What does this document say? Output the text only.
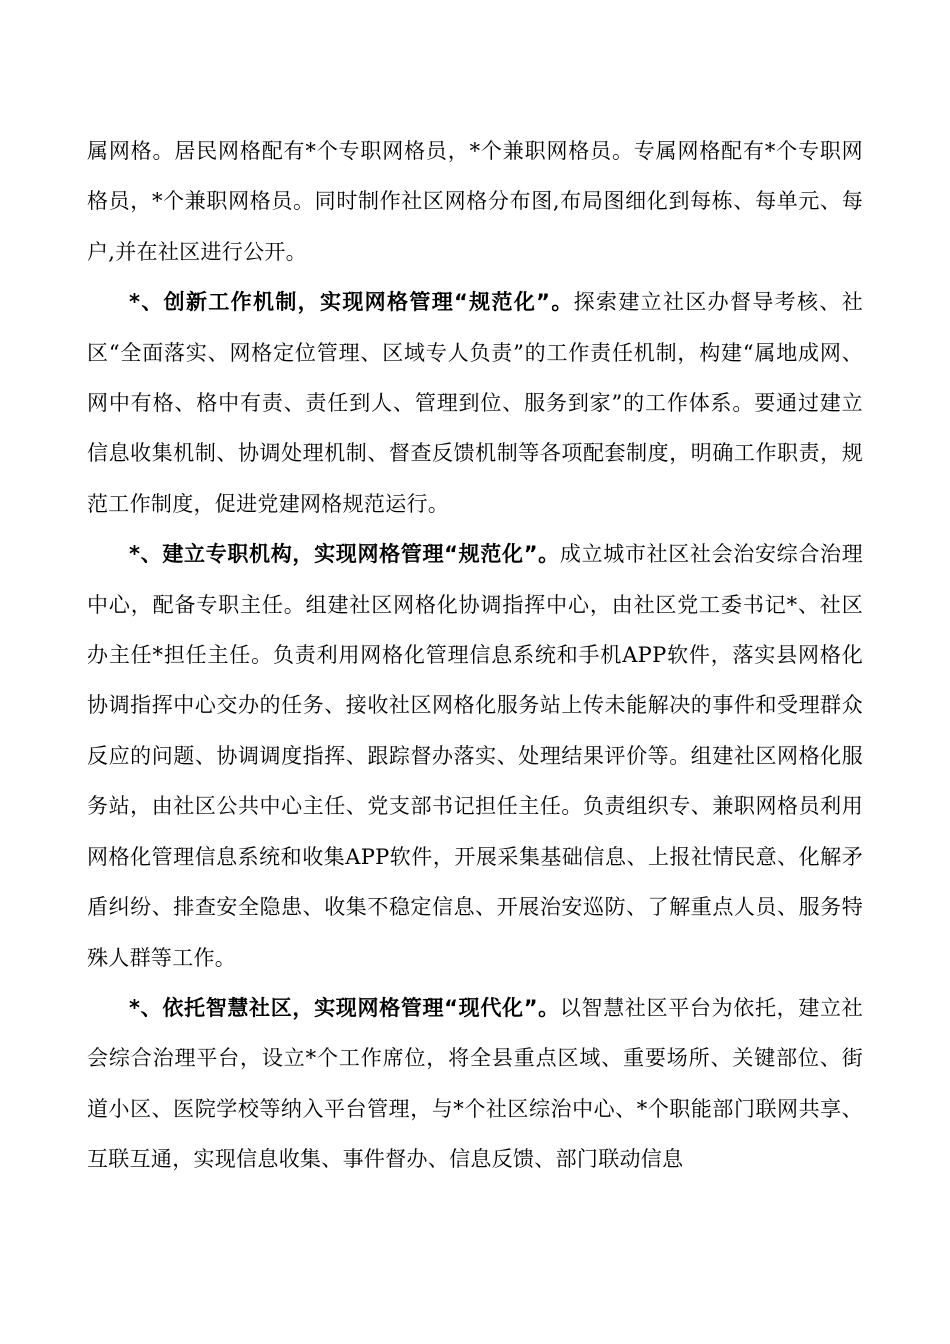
属网格。居民网格配有*个专职网格员，*个兼职网格员。专属网格配有*个专职网格员，*个兼职网格员。同时制作社区网格分布图,布局图细化到每栋、每单元、每户,并在社区进行公开。

*、创新工作机制，实现网格管理“规范化”。探索建立社区办督导考核、社区“全面落实、网格定位管理、区域专人负责”的工作责任机制，构建“属地成网、网中有格、格中有责、责任到人、管理到位、服务到家”的工作体系。要通过建立信息收集机制、协调处理机制、督查反馈机制等各项配套制度，明确工作职责，规范工作制度，促进党建网格规范运行。

*、建立专职机构，实现网格管理“规范化”。成立城市社区社会治安综合治理中心，配备专职主任。组建社区网格化协调指挥中心，由社区党工委书记*、社区办主任*担任主任。负责利用网格化管理信息系统和手机APP软件，落实县网格化协调指挥中心交办的任务、接收社区网格化服务站上传未能解决的事件和受理群众反应的问题、协调调度指挥、跟踪督办落实、处理结果评价等。组建社区网格化服务站，由社区公共中心主任、党支部书记担任主任。负责组织专、兼职网格员利用网格化管理信息系统和收集APP软件，开展采集基础信息、上报社情民意、化解矛盾纠纷、排查安全隐患、收集不稳定信息、开展治安巡防、了解重点人员、服务特殊人群等工作。

*、依托智慧社区，实现网格管理“现代化”。以智慧社区平台为依托，建立社会综合治理平台，设立*个工作席位，将全县重点区域、重要场所、关键部位、街道小区、医院学校等纳入平台管理，与*个社区综治中心、*个职能部门联网共享、互联互通，实现信息收集、事件督办、信息反馈、部门联动信息
